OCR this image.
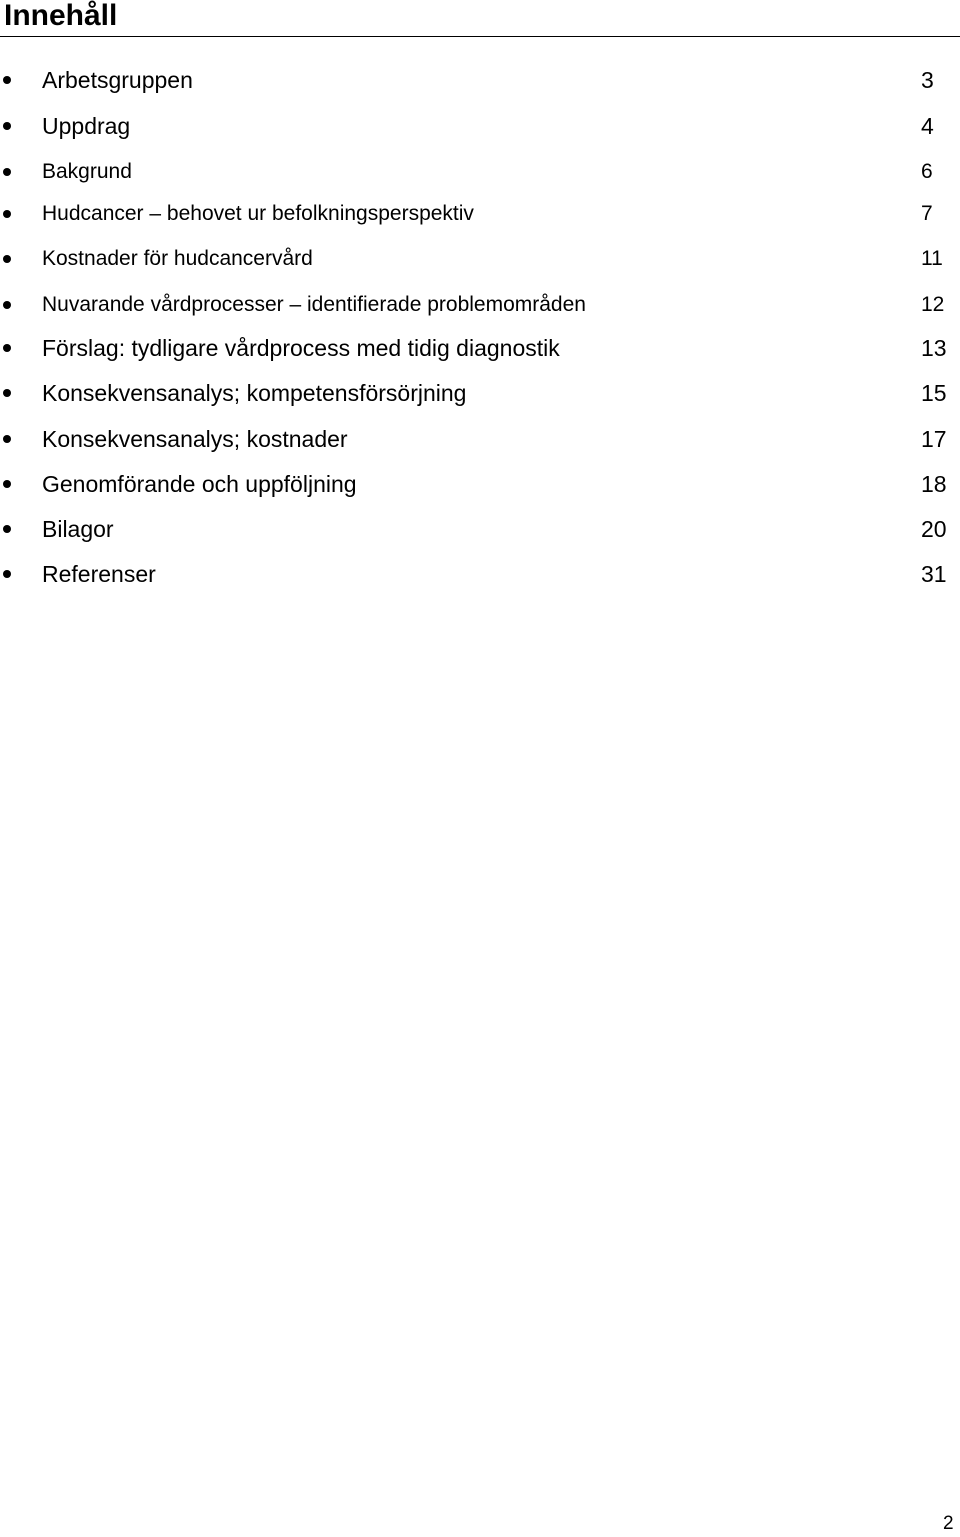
Innehåll
Arbetsgruppen	3
Uppdrag	4
Bakgrund	6
Hudcancer – behovet ur befolkningsperspektiv	7
Kostnader för hudcancervård	11
Nuvarande vårdprocesser – identifierade problemområden	12
Förslag: tydligare vårdprocess med tidig diagnostik	13
Konsekvensanalys; kompetensförsörjning	15
Konsekvensanalys; kostnader	17
Genomförande och uppföljning	18
Bilagor	20
Referenser	31
2
